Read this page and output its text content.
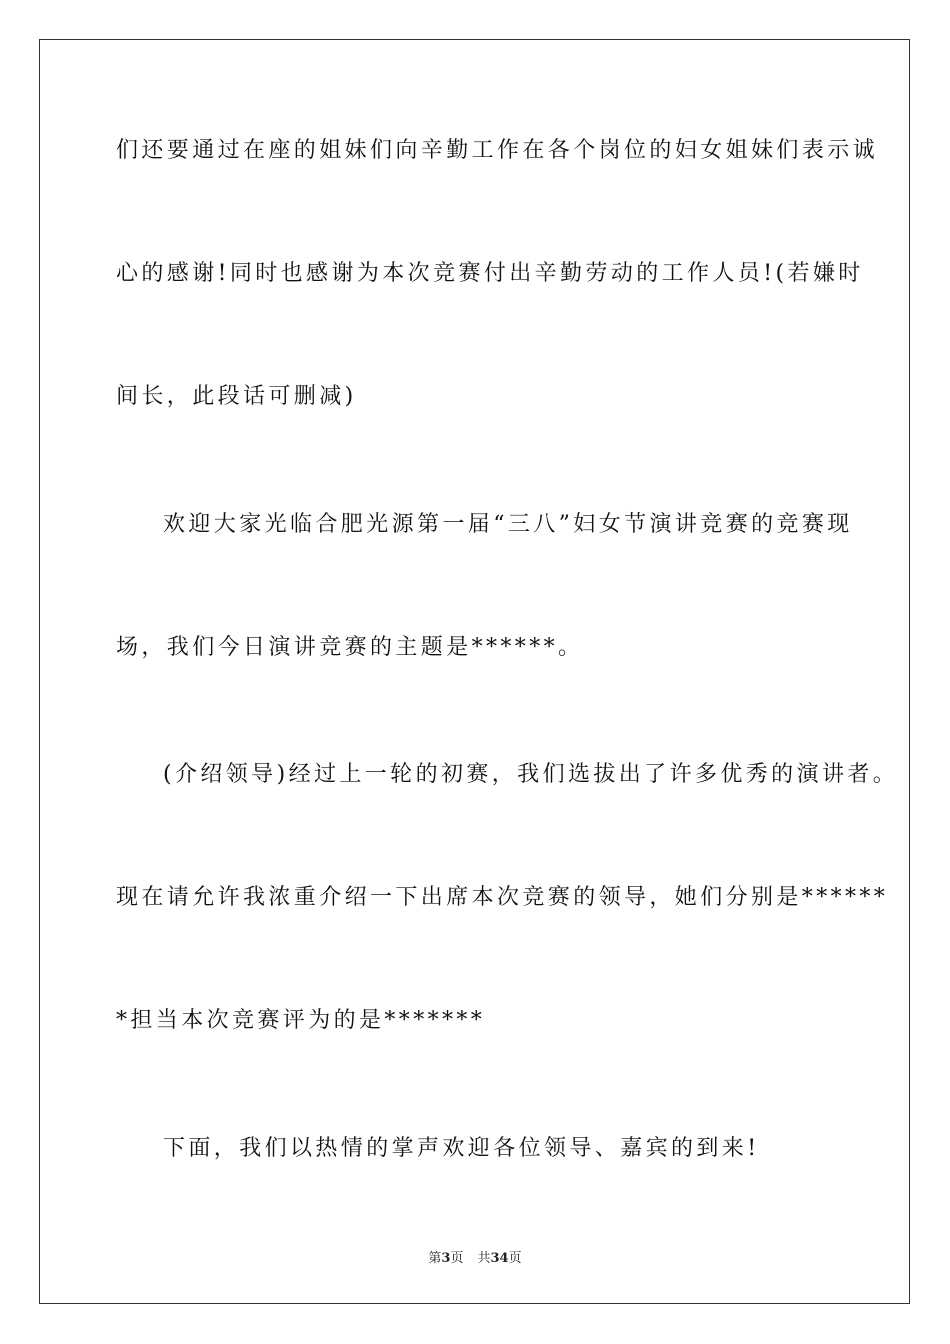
们还要通过在座的姐妹们向辛勤工作在各个岗位的妇女姐妹们表示诚
心的感谢!同时也感谢为本次竞赛付出辛勤劳动的工作人员!(若嫌时
间长，此段话可删减)
欢迎大家光临合肥光源第一届“三八”妇女节演讲竞赛的竞赛现
场，我们今日演讲竞赛的主题是******。
(介绍领导)经过上一轮的初赛，我们选拔出了许多优秀的演讲者。
现在请允许我浓重介绍一下出席本次竞赛的领导，她们分别是******
*担当本次竞赛评为的是*******
下面，我们以热情的掌声欢迎各位领导、嘉宾的到来!
第3页 共34页
